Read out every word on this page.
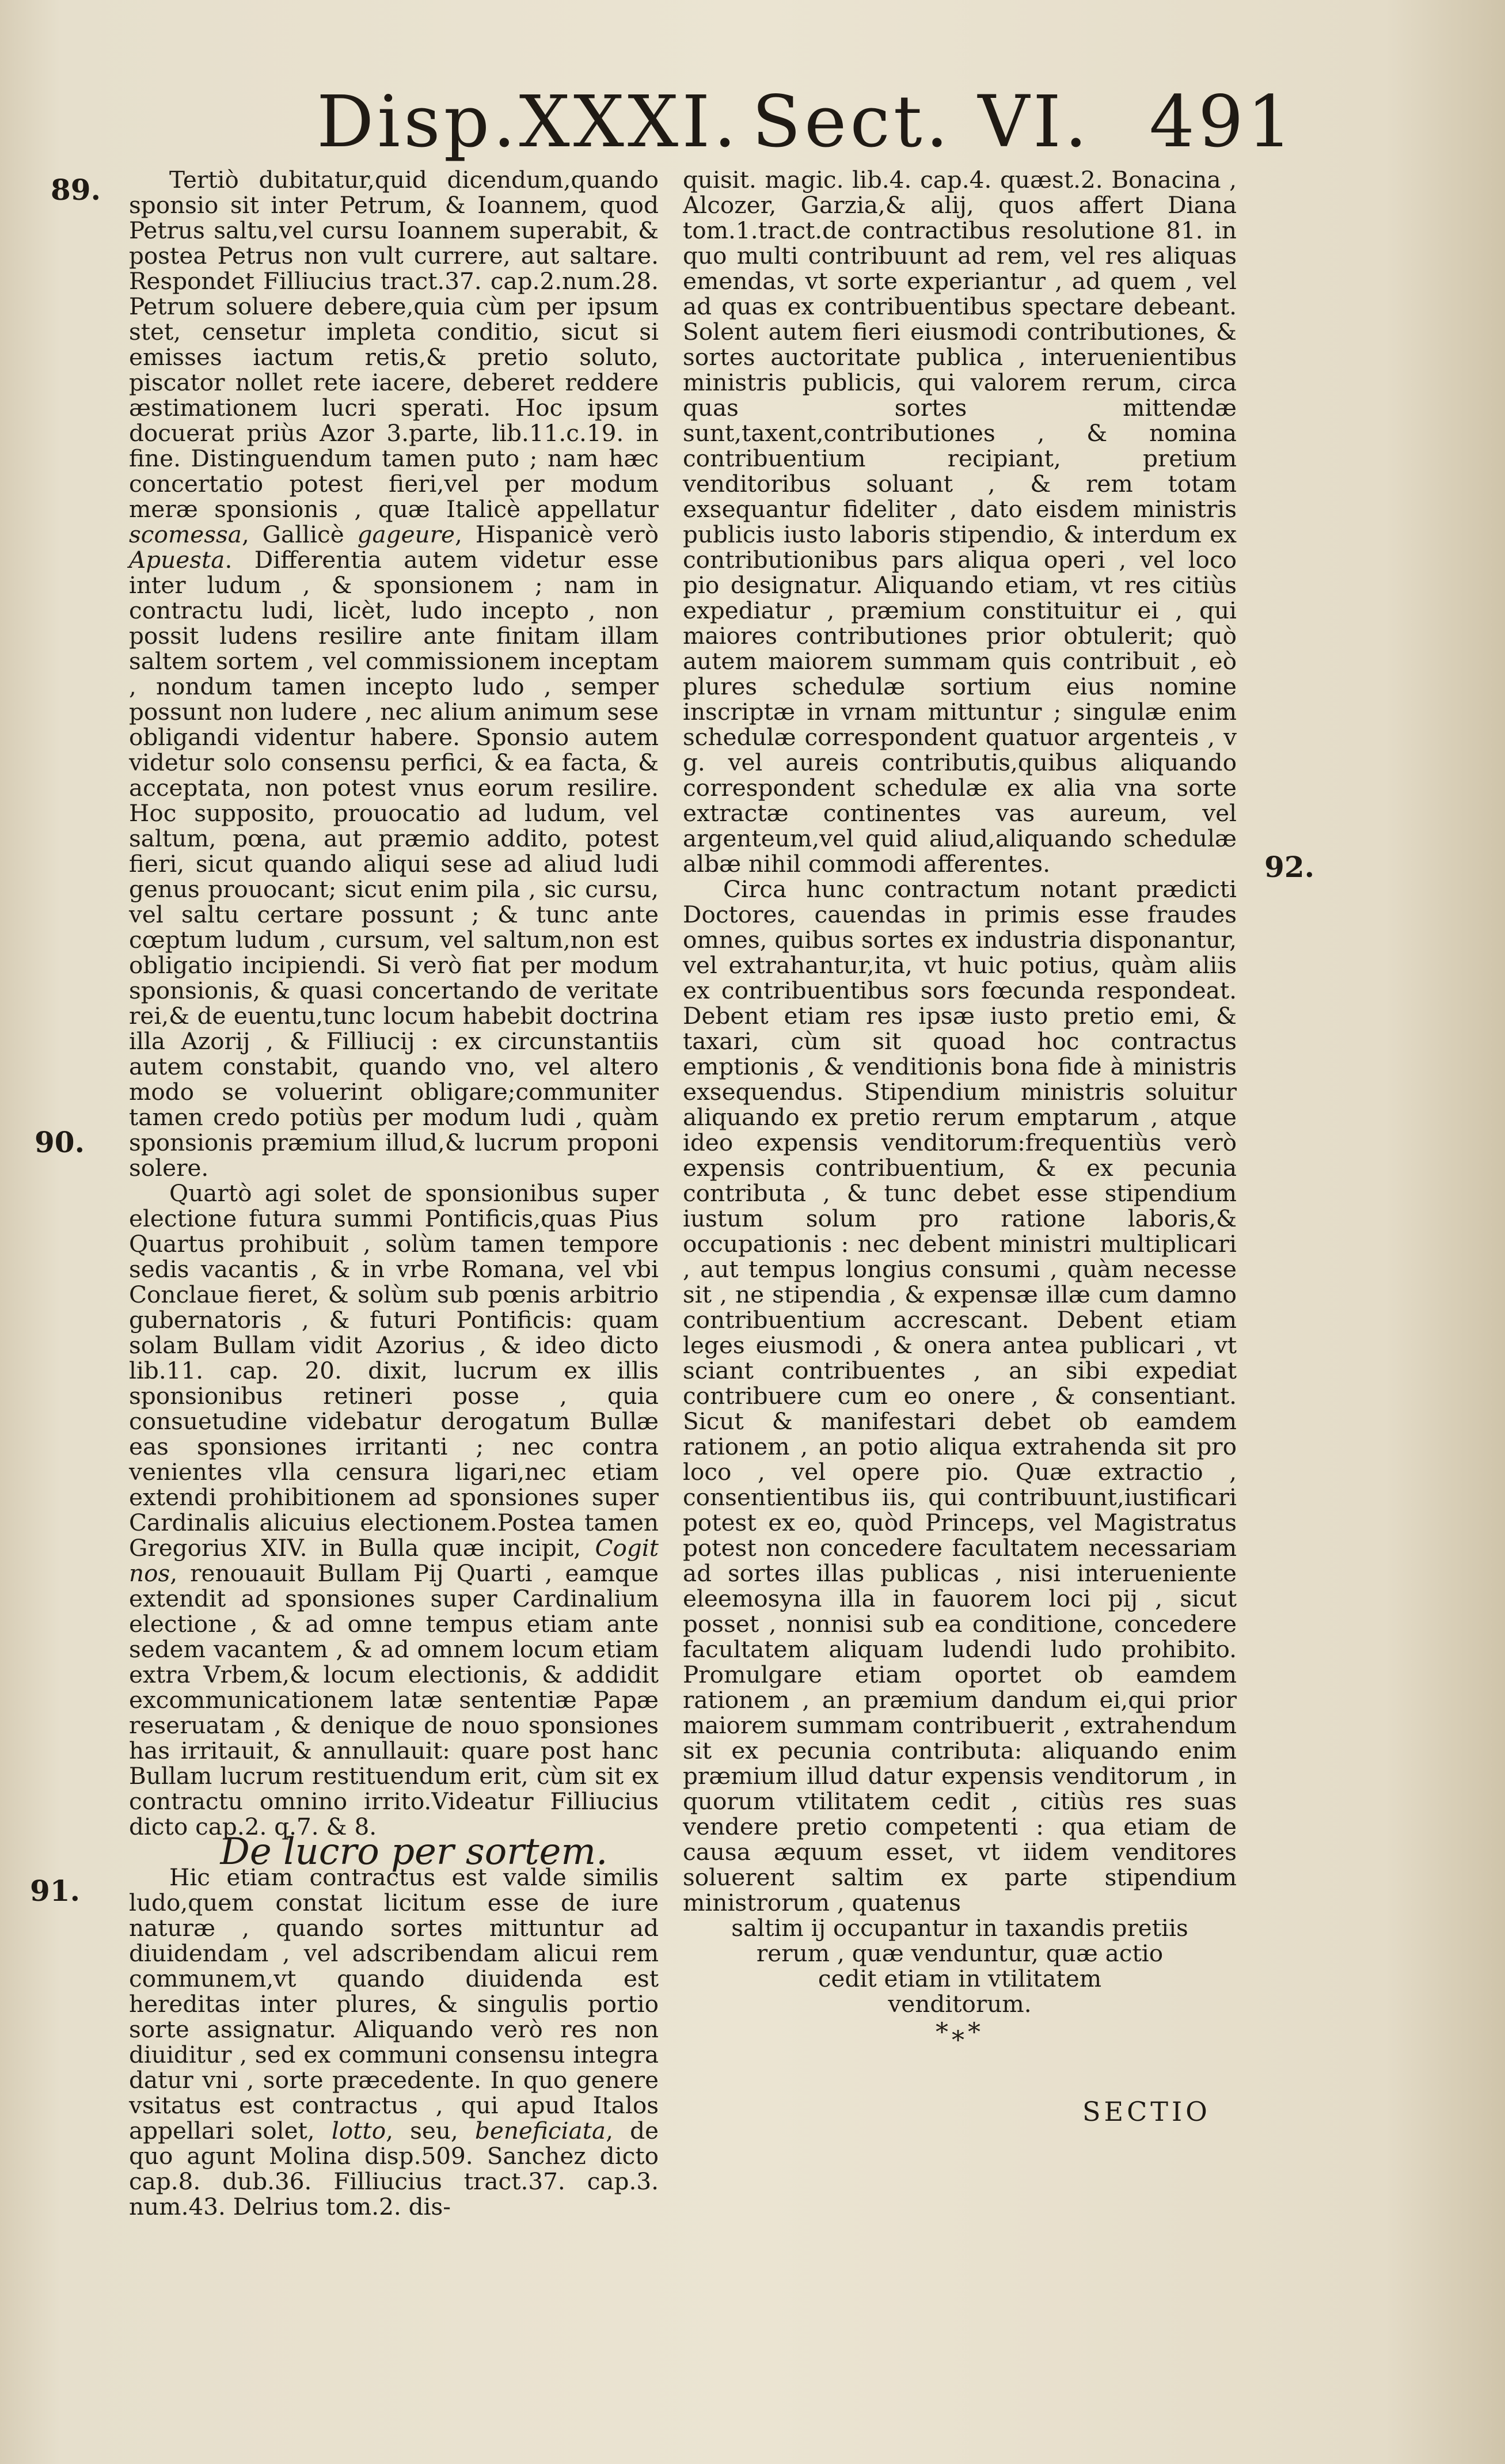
Disp.XXXI. Sect. VI. 491
89.
90.
91.
92.

Tertiò dubitatur,quid dicendum,quando sponsio sit inter Petrum, & Ioannem, quod Petrus saltu,vel cursu Ioannem superabit, & postea Petrus non vult currere, aut saltare. Respondet Filliucius tract.37. cap.2.num.28. Petrum soluere debere,quia cùm per ipsum stet, censetur impleta conditio, sicut si emisses iactum retis,& pretio soluto, piscator nollet rete iacere, deberet reddere æstimationem lucri sperati. Hoc ipsum docuerat priùs Azor 3.parte, lib.11.c.19. in fine. Distinguendum tamen puto ; nam hæc concertatio potest fieri,vel per modum meræ sponsionis , quæ Italicè appellatur scomessa, Gallicè gageure, Hispanicè verò Apuesta. Differentia autem videtur esse inter ludum , & sponsionem ; nam in contractu ludi, licèt, ludo incepto , non possit ludens resilire ante finitam illam saltem sortem , vel commissionem inceptam , nondum tamen incepto ludo , semper possunt non ludere , nec alium animum sese obligandi videntur habere. Sponsio autem videtur solo consensu perfici, & ea facta, & acceptata, non potest vnus eorum resilire. Hoc supposito, prouocatio ad ludum, vel saltum, pœna, aut præmio addito, potest fieri, sicut quando aliqui sese ad aliud ludi genus prouocant; sicut enim pila , sic cursu, vel saltu certare possunt ; & tunc ante cœptum ludum , cursum, vel saltum,non est obligatio incipiendi. Si verò fiat per modum sponsionis, & quasi concertando de veritate rei,& de euentu,tunc locum habebit doctrina illa Azorij , & Filliucij : ex circunstantiis autem constabit, quando vno, vel altero modo se voluerint obligare;communiter tamen credo potiùs per modum ludi , quàm sponsionis præmium illud,& lucrum proponi solere.

Quartò agi solet de sponsionibus super electione futura summi Pontificis,quas Pius Quartus prohibuit , solùm tamen tempore sedis vacantis , & in vrbe Romana, vel vbi Conclaue fieret, & solùm sub pœnis arbitrio gubernatoris , & futuri Pontificis: quam solam Bullam vidit Azorius , & ideo dicto lib.11. cap. 20. dixit, lucrum ex illis sponsionibus retineri posse , quia consuetudine videbatur derogatum Bullæ eas sponsiones irritanti ; nec contra venientes vlla censura ligari,nec etiam extendi prohibitionem ad sponsiones super Cardinalis alicuius electionem.Postea tamen Gregorius XIV. in Bulla quæ incipit, Cogit nos, renouauit Bullam Pij Quarti , eamque extendit ad sponsiones super Cardinalium electione , & ad omne tempus etiam ante sedem vacantem , & ad omnem locum etiam extra Vrbem,& locum electionis, & addidit excommunicationem latæ sententiæ Papæ reseruatam , & denique de nouo sponsiones has irritauit, & annullauit: quare post hanc Bullam lucrum restituendum erit, cùm sit ex contractu omnino irrito.Videatur Filliucius dicto cap.2. q.7. & 8.

De lucro per sortem.

Hic etiam contractus est valde similis ludo,quem constat licitum esse de iure naturæ , quando sortes mittuntur ad diuidendam , vel adscribendam alicui rem communem,vt quando diuidenda est hereditas inter plures, & singulis portio sorte assignatur. Aliquando verò res non diuiditur , sed ex communi consensu integra datur vni , sorte præcedente. In quo genere vsitatus est contractus , qui apud Italos appellari solet, lotto, seu, beneficiata, de quo agunt Molina disp.509. Sanchez dicto cap.8. dub.36. Filliucius tract.37. cap.3. num.43. Delrius tom.2. dis-

quisit. magic. lib.4. cap.4. quæst.2. Bonacina , Alcozer, Garzia,& alij, quos affert Diana tom.1.tract.de contractibus resolutione 81. in quo multi contribuunt ad rem, vel res aliquas emendas, vt sorte experiantur , ad quem , vel ad quas ex contribuentibus spectare debeant. Solent autem fieri eiusmodi contributiones, & sortes auctoritate publica , interuenientibus ministris publicis, qui valorem rerum, circa quas sortes mittendæ sunt,taxent,contributiones , & nomina contribuentium recipiant, pretium venditoribus soluant , & rem totam exsequantur fideliter , dato eisdem ministris publicis iusto laboris stipendio, & interdum ex contributionibus pars aliqua operi , vel loco pio designatur. Aliquando etiam, vt res citiùs expediatur , præmium constituitur ei , qui maiores contributiones prior obtulerit; quò autem maiorem summam quis contribuit , eò plures schedulæ sortium eius nomine inscriptæ in vrnam mittuntur ; singulæ enim schedulæ correspondent quatuor argenteis , v g. vel aureis contributis,quibus aliquando correspondent schedulæ ex alia vna sorte extractæ continentes vas aureum, vel argenteum,vel quid aliud,aliquando schedulæ albæ nihil commodi afferentes.

Circa hunc contractum notant prædicti Doctores, cauendas in primis esse fraudes omnes, quibus sortes ex industria disponantur, vel extrahantur,ita, vt huic potius, quàm aliis ex contribuentibus sors fœcunda respondeat. Debent etiam res ipsæ iusto pretio emi, & taxari, cùm sit quoad hoc contractus emptionis , & venditionis bona fide à ministris exsequendus. Stipendium ministris soluitur aliquando ex pretio rerum emptarum , atque ideo expensis venditorum:frequentiùs verò expensis contribuentium, & ex pecunia contributa , & tunc debet esse stipendium iustum solum pro ratione laboris,& occupationis : nec debent ministri multiplicari , aut tempus longius consumi , quàm necesse sit , ne stipendia , & expensæ illæ cum damno contribuentium accrescant. Debent etiam leges eiusmodi , & onera antea publicari , vt sciant contribuentes , an sibi expediat contribuere cum eo onere , & consentiant. Sicut & manifestari debet ob eamdem rationem , an potio aliqua extrahenda sit pro loco , vel opere pio. Quæ extractio , consentientibus iis, qui contribuunt,iustificari potest ex eo, quòd Princeps, vel Magistratus potest non concedere facultatem necessariam ad sortes illas publicas , nisi interueniente eleemosyna illa in fauorem loci pij , sicut posset , nonnisi sub ea conditione, concedere facultatem aliquam ludendi ludo prohibito. Promulgare etiam oportet ob eamdem rationem , an præmium dandum ei,qui prior maiorem summam contribuerit , extrahendum sit ex pecunia contributa: aliquando enim præmium illud datur expensis venditorum , in quorum vtilitatem cedit , citiùs res suas vendere pretio competenti : qua etiam de causa æquum esset, vt iidem venditores soluerent saltim ex parte stipendium ministrorum , quatenus

saltim ij occupantur in taxandis pretiis

rerum , quæ venduntur, quæ actio

cedit etiam in vtilitatem

venditorum.

*⁎*
SECTIO
